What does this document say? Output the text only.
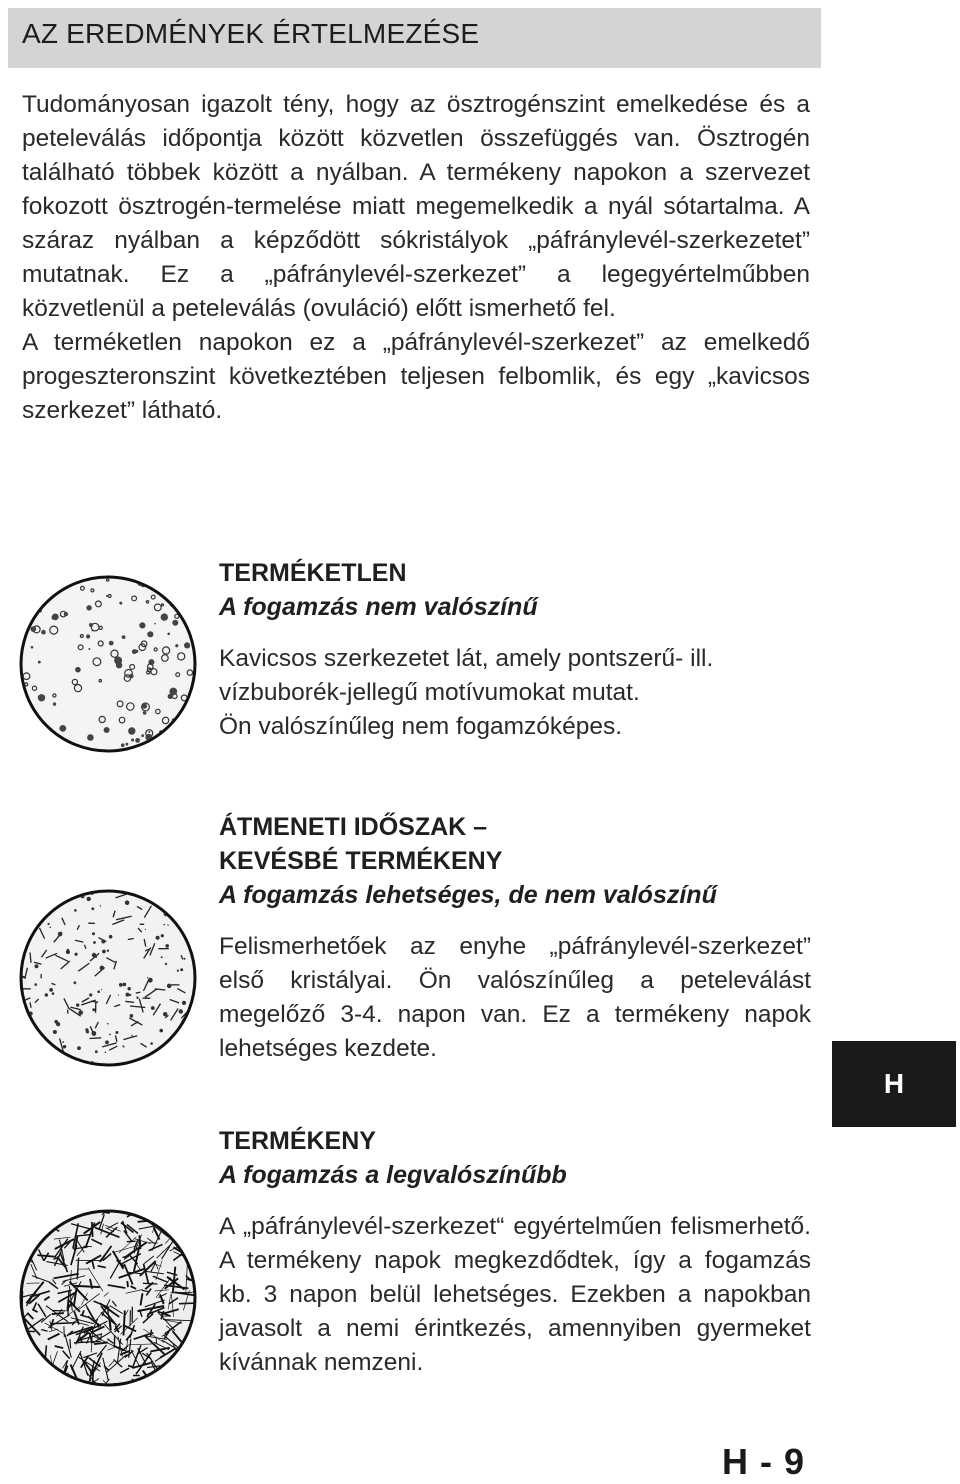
AZ EREDMÉNYEK ÉRTELMEZÉSE

Tudományosan igazolt tény, hogy az ösztrogénszint emelkedése és a peteleválás időpontja között közvetlen összefüggés van. Ösztrogén található többek között a nyálban. A termékeny napokon a szervezet fokozott ösztrogén-termelése miatt megemelkedik a nyál sótartalma. A száraz nyálban a képződött sókristályok „páfránylevél-szerkezetet” mutatnak. Ez a „páfránylevél-szerkezet” a legegyértelműbben közvetlenül a peteleválás (ovuláció) előtt ismerhető fel.

A terméketlen napokon ez a „páfránylevél-szerkezet” az emelkedő progeszteronszint következtében teljesen felbomlik, és egy „kavicsos szerkezet” látható.

TERMÉKETLEN

A fogamzás nem valószínű

Kavicsos szerkezetet lát, amely pontszerű- ill.
vízbuborék-jellegű motívumokat mutat.
Ön valószínűleg nem fogamzóképes.
ÁTMENETI IDŐSZAK –
KEVÉSBÉ TERMÉKENY

A fogamzás lehetséges, de nem valószínű

Felismerhetőek az enyhe „páfránylevél-szerkezet” első kristályai. Ön valószínűleg a peteleválást megelőző 3-4. napon van. Ez a termékeny napok lehetséges kezdete.

TERMÉKENY

A fogamzás a legvalószínűbb

A „páfránylevél-szerkezet“ egyértelműen felismerhető. A termékeny napok megkezdődtek, így a fogamzás kb. 3 napon belül lehetséges. Ezekben a napokban javasolt a nemi érintkezés, amennyiben gyermeket kívánnak nemzeni.

H
H - 9
